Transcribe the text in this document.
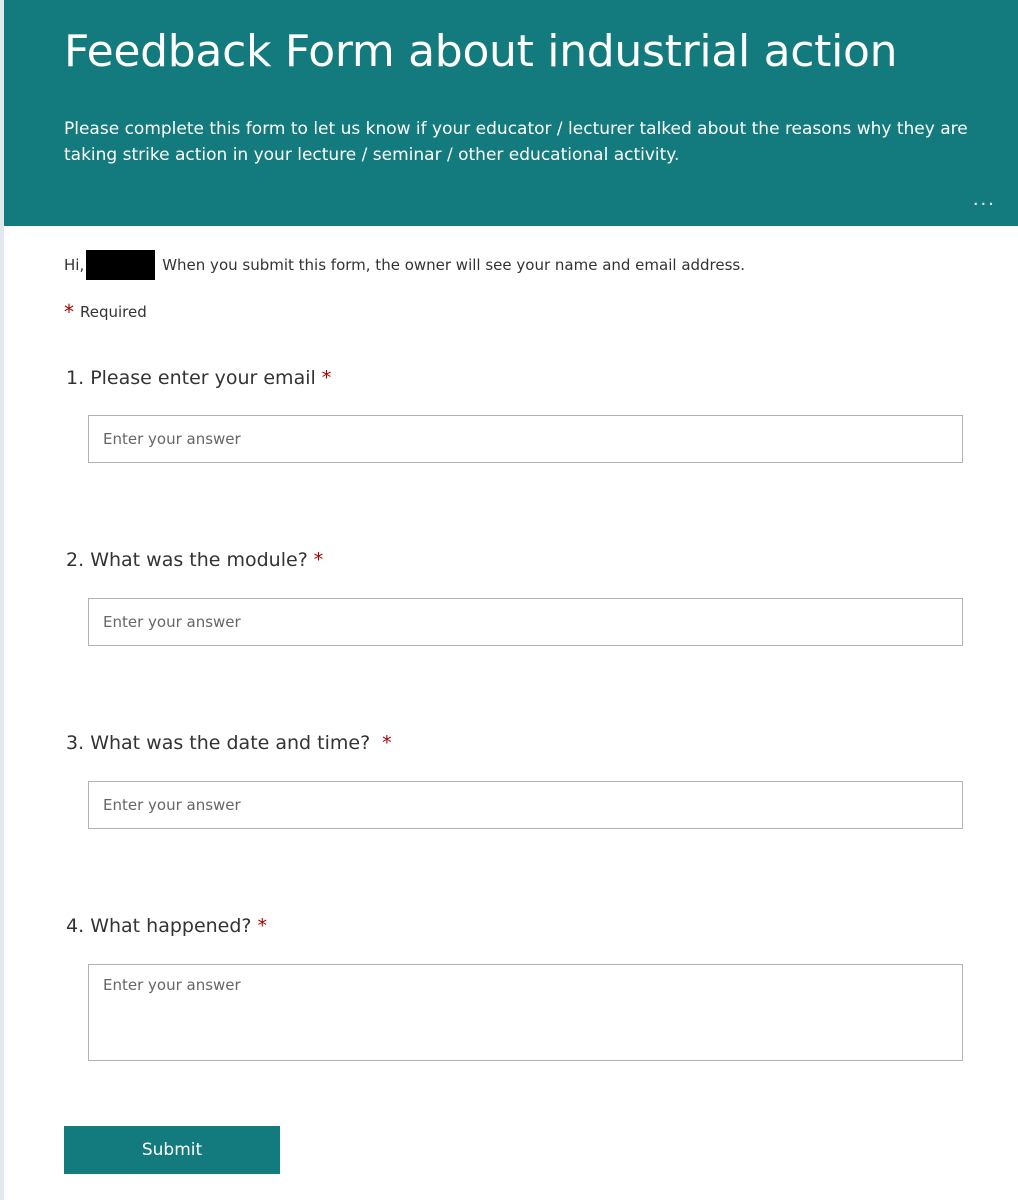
Feedback Form about industrial action
Please complete this form to let us know if your educator / lecturer talked about the reasons why they are taking strike action in your lecture / seminar / other educational activity.
...
Hi,	When you submit this form, the owner will see your name and email address.
* Required
1. Please enter your email *
Enter your answer
2. What was the module? *
Enter your answer
3. What was the date and time? *
Enter your answer
4. What happened? *
Enter your answer
Submit
